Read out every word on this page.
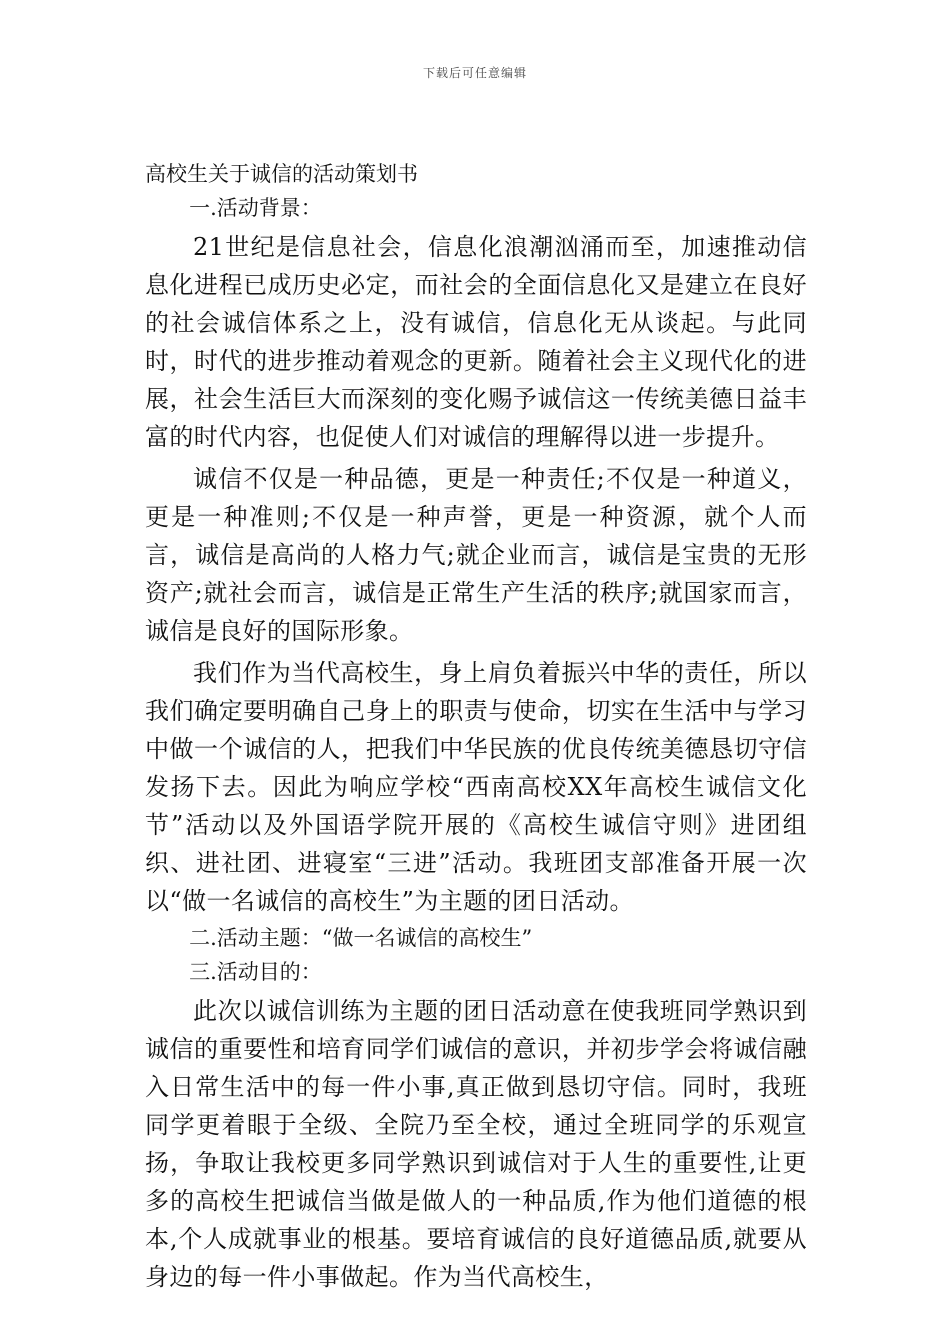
下载后可任意编辑
高校生关于诚信的活动策划书
一.活动背景：

21世纪是信息社会，信息化浪潮汹涌而至，加速推动信息化进程已成历史必定，而社会的全面信息化又是建立在良好的社会诚信体系之上，没有诚信，信息化无从谈起。与此同时，时代的进步推动着观念的更新。随着社会主义现代化的进展，社会生活巨大而深刻的变化赐予诚信这一传统美德日益丰富的时代内容，也促使人们对诚信的理解得以进一步提升。

诚信不仅是一种品德，更是一种责任;不仅是一种道义，更是一种准则;不仅是一种声誉，更是一种资源，就个人而言，诚信是高尚的人格力气;就企业而言，诚信是宝贵的无形资产;就社会而言，诚信是正常生产生活的秩序;就国家而言，诚信是良好的国际形象。

我们作为当代高校生，身上肩负着振兴中华的责任，所以我们确定要明确自己身上的职责与使命，切实在生活中与学习中做一个诚信的人，把我们中华民族的优良传统美德恳切守信发扬下去。因此为响应学校“西南高校XX年高校生诚信文化节”活动以及外国语学院开展的《高校生诚信守则》进团组织、进社团、进寝室“三进”活动。我班团支部准备开展一次以“做一名诚信的高校生”为主题的团日活动。

二.活动主题：“做一名诚信的高校生”
三.活动目的：

此次以诚信训练为主题的团日活动意在使我班同学熟识到诚信的重要性和培育同学们诚信的意识，并初步学会将诚信融入日常生活中的每一件小事,真正做到恳切守信。同时，我班同学更着眼于全级、全院乃至全校，通过全班同学的乐观宣扬，争取让我校更多同学熟识到诚信对于人生的重要性,让更多的高校生把诚信当做是做人的一种品质,作为他们道德的根本,个人成就事业的根基。要培育诚信的良好道德品质,就要从身边的每一件小事做起。作为当代高校生，
